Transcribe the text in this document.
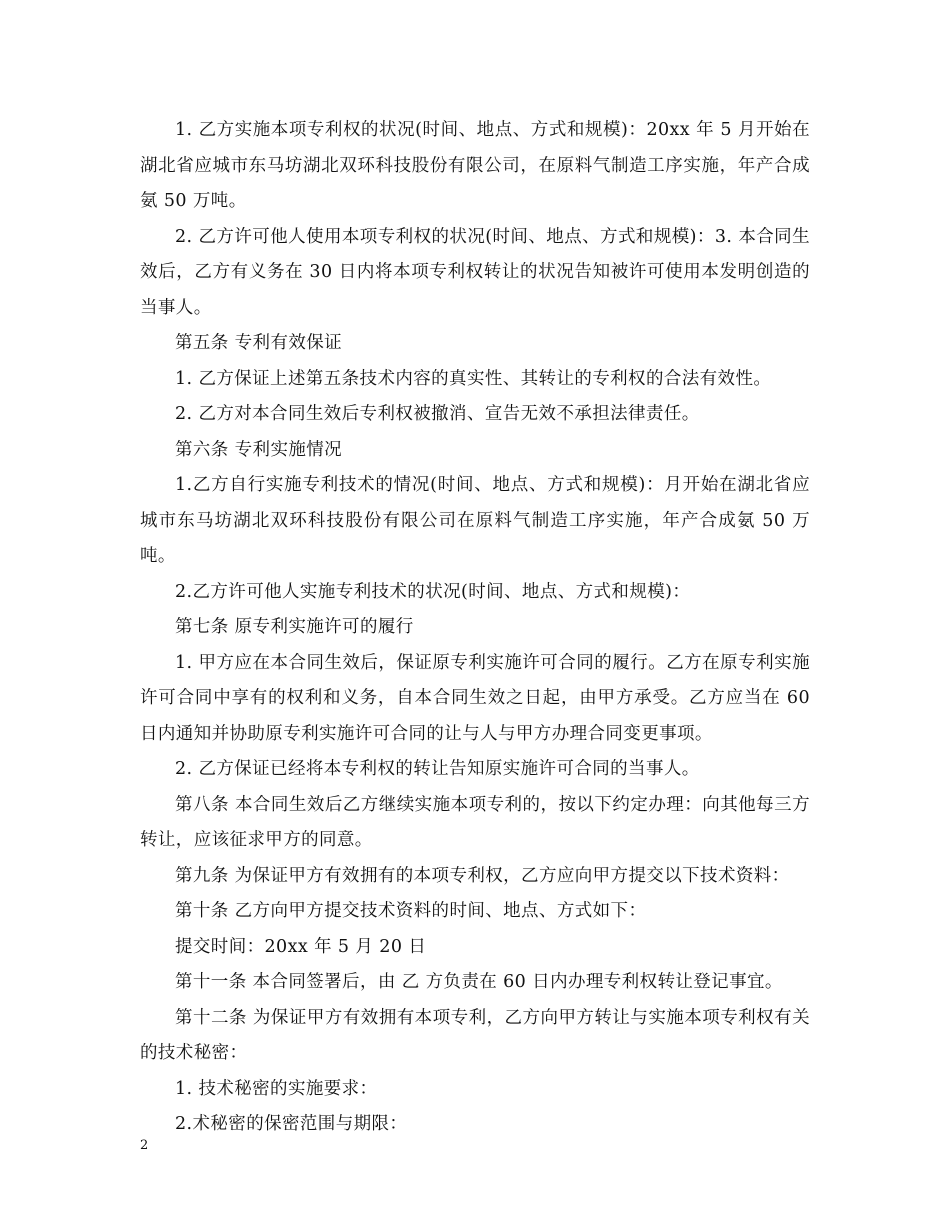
1. 乙方实施本项专利权的状况(时间、地点、方式和规模)：20xx 年 5 月开始在湖北省应城市东马坊湖北双环科技股份有限公司，在原料气制造工序实施，年产合成氨 50 万吨。

2. 乙方许可他人使用本项专利权的状况(时间、地点、方式和规模)：3. 本合同生效后，乙方有义务在 30 日内将本项专利权转让的状况告知被许可使用本发明创造的当事人。

第五条 专利有效保证

1. 乙方保证上述第五条技术内容的真实性、其转让的专利权的合法有效性。

2. 乙方对本合同生效后专利权被撤消、宣告无效不承担法律责任。

第六条 专利实施情况

1.乙方自行实施专利技术的情况(时间、地点、方式和规模)：月开始在湖北省应城市东马坊湖北双环科技股份有限公司在原料气制造工序实施，年产合成氨 50 万吨。

2.乙方许可他人实施专利技术的状况(时间、地点、方式和规模)：

第七条 原专利实施许可的履行

1. 甲方应在本合同生效后，保证原专利实施许可合同的履行。乙方在原专利实施许可合同中享有的权利和义务，自本合同生效之日起，由甲方承受。乙方应当在 60 日内通知并协助原专利实施许可合同的让与人与甲方办理合同变更事项。

2. 乙方保证已经将本专利权的转让告知原实施许可合同的当事人。

第八条 本合同生效后乙方继续实施本项专利的，按以下约定办理：向其他每三方转让，应该征求甲方的同意。

第九条 为保证甲方有效拥有的本项专利权，乙方应向甲方提交以下技术资料：

第十条 乙方向甲方提交技术资料的时间、地点、方式如下：

提交时间：20xx 年 5 月 20 日

第十一条 本合同签署后，由 乙 方负责在 60 日内办理专利权转让登记事宜。

第十二条 为保证甲方有效拥有本项专利，乙方向甲方转让与实施本项专利权有关的技术秘密：

1. 技术秘密的实施要求：

2.术秘密的保密范围与期限：

2
